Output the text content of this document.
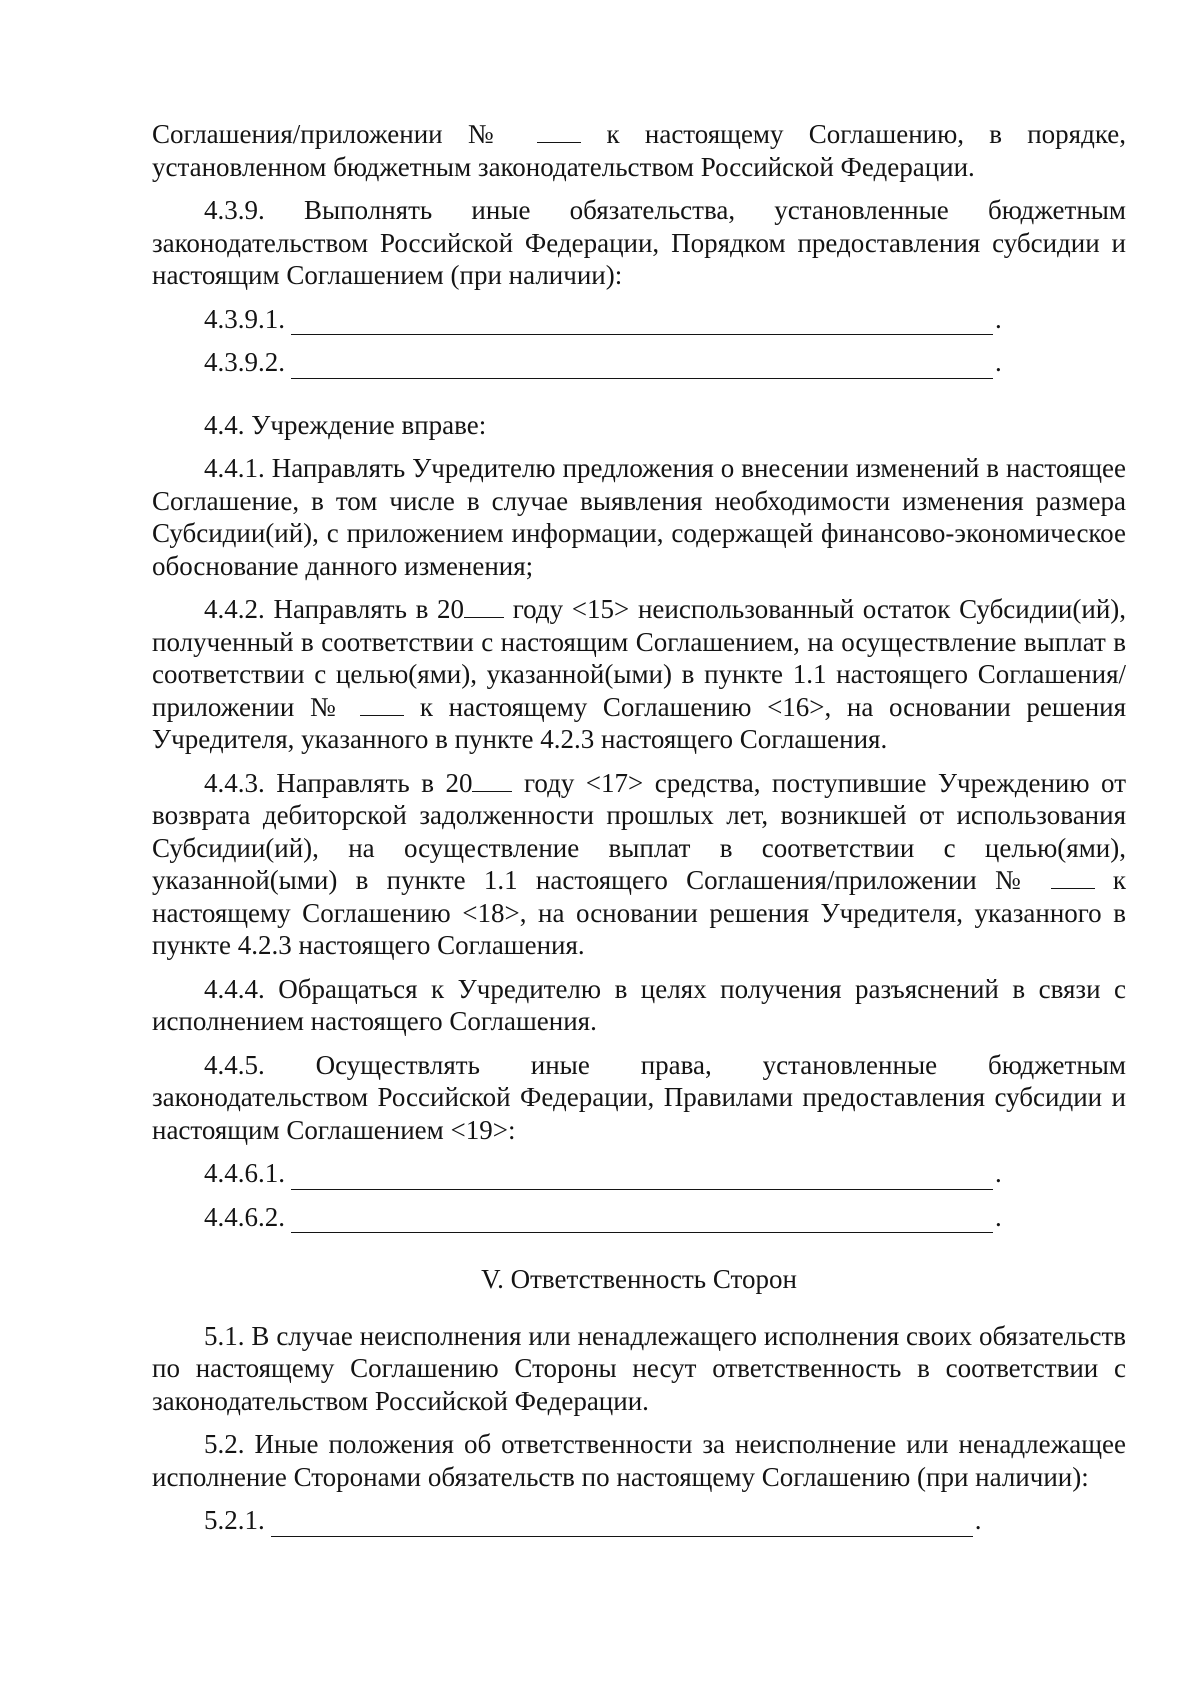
Соглашения/приложении №	к настоящему Соглашению, в порядке, установленном бюджетным законодательством Российской Федерации.

4.3.9. Выполнять иные обязательства, установленные бюджетным законодательством Российской Федерации, Порядком предоставления субсидии и настоящим Соглашением (при наличии):

4.3.9.1.	.
4.3.9.2.	.

4.4. Учреждение вправе:

4.4.1. Направлять Учредителю предложения о внесении изменений в настоящее Соглашение, в том числе в случае выявления необходимости изменения размера Субсидии(ий), с приложением информации, содержащей финансово-экономическое обоснование данного изменения;

4.4.2. Направлять в 20 году <15> неиспользованный остаток Субсидии(ий), полученный в соответствии с настоящим Соглашением, на осуществление выплат в соответствии с целью(ями), указанной(ыми) в пункте 1.1 настоящего Соглашения/приложении №	к настоящему Соглашению <16>, на основании решения Учредителя, указанного в пункте 4.2.3 настоящего Соглашения.

4.4.3. Направлять в 20 году <17> средства, поступившие Учреждению от возврата дебиторской задолженности прошлых лет, возникшей от использования Субсидии(ий), на осуществление выплат в соответствии с целью(ями), указанной(ыми) в пункте 1.1 настоящего Соглашения/приложении №	к настоящему Соглашению <18>, на основании решения Учредителя, указанного в пункте 4.2.3 настоящего Соглашения.

4.4.4. Обращаться к Учредителю в целях получения разъяснений в связи с исполнением настоящего Соглашения.

4.4.5. Осуществлять иные права, установленные бюджетным законодательством Российской Федерации, Правилами предоставления субсидии и настоящим Соглашением <19>:

4.4.6.1.	.
4.4.6.2.	.

V. Ответственность Сторон

5.1. В случае неисполнения или ненадлежащего исполнения своих обязательств по настоящему Соглашению Стороны несут ответственность в соответствии с законодательством Российской Федерации.

5.2. Иные положения об ответственности за неисполнение или ненадлежащее исполнение Сторонами обязательств по настоящему Соглашению (при наличии):

5.2.1.	.
